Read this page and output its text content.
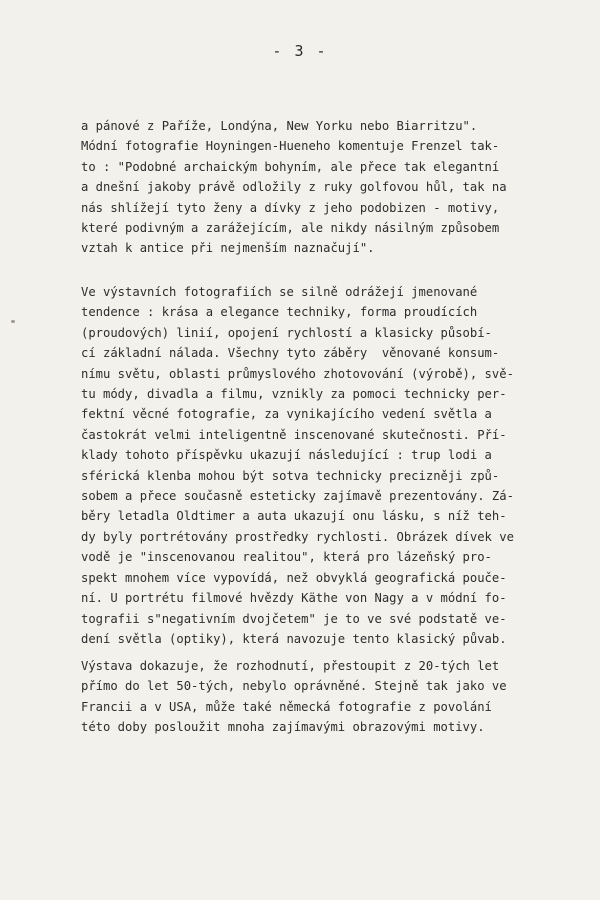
- 3 -
a pánové z Paříže, Londýna, New Yorku nebo Biarritzu".
Módní fotografie Hoyningen-Hueneho komentuje Frenzel tak-
to : "Podobné archaickým bohyním, ale přece tak elegantní
a dnešní jakoby právě odložily z ruky golfovou hůl, tak na
nás shlížejí tyto ženy a dívky z jeho podobizen - motivy,
které podivným a zarážejícím, ale nikdy násilným způsobem
vztah k antice při nejmenším naznačují".
Ve výstavních fotografiích se silně odrážejí jmenované
tendence : krása a elegance techniky, forma proudících
(proudových) linií, opojení rychlostí a klasicky působí-
cí základní nálada. Všechny tyto záběry  věnované konsum-
nímu světu, oblasti průmyslového zhotovování (výrobě), svě-
tu módy, divadla a filmu, vznikly za pomoci technicky per-
fektní věcné fotografie, za vynikajícího vedení světla a
častokrát velmi inteligentně inscenované skutečnosti. Pří-
klady tohoto příspěvku ukazují následující : trup lodi a
sférická klenba mohou být sotva technicky precizněji způ-
sobem a přece současně esteticky zajímavě prezentovány. Zá-
běry letadla Oldtimer a auta ukazují onu lásku, s níž teh-
dy byly portrétovány prostředky rychlosti. Obrázek dívek ve
vodě je "inscenovanou realitou", která pro lázeňský pro-
spekt mnohem více vypovídá, než obvyklá geografická poučе-
ní. U portrétu filmové hvězdy Käthe von Nagy a v módní fo-
tografii s"negativním dvojčetem" je to ve své podstatě ve-
dení světla (optiky), která navozuje tento klasický půvab.
Výstava dokazuje, že rozhodnutí, přestoupit z 20-tých let
přímo do let 50-tých, nebylo oprávněné. Stejně tak jako ve
Francii a v USA, může také německá fotografie z povolání
této doby posloužit mnoha zajímavými obrazovými motivy.
